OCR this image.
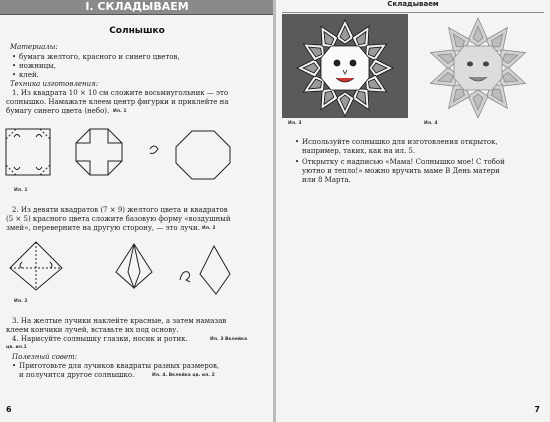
I. СКЛАДЫВАЕМ
Солнышко
Материалы:
• бумага желтого, красного и синего цветов,
• ножницы,
• клей.
Техника изготовления:
1. Из квадрата 10 × 10 см сложите восьмиугольник — это
солнышко. Намажьте клеем центр фигурки и приклейте на
бумагу синего цвета (небо). Ил. 1
Ил. 1
2. Из девяти квадратов (7 × 9) желтого цвета и квадратов
(5 × 5) красного цвета сложите базовую форму «воздушный
змей», переверните на другую сторону, — это лучи. Ил. 2
Ил. 2
3. На желтые лучики наклейте красные, а затем намазав
клеем кончики лучей, вставьте их под основу.
4. Нарисуйте солнышку глазки, носик и ротик.	Ил. 3 Вклейка
цв. ил.1
Полезный совет:
• Приготовьте для лучиков квадраты разных размеров,
и получится другое солнышко.	Ил. 4. Вклейка цв. ил. 2
6
Складываем
Ил. 3	Ил. 4
• Используйте солнышко для изготовления открыток,
например, таких, как на ил. 5.
• Открытку с надписью «Мама! Солнышко мое! С тобой
уютно и тепло!» можно вручить маме В День матери
или 8 Марта.
7
